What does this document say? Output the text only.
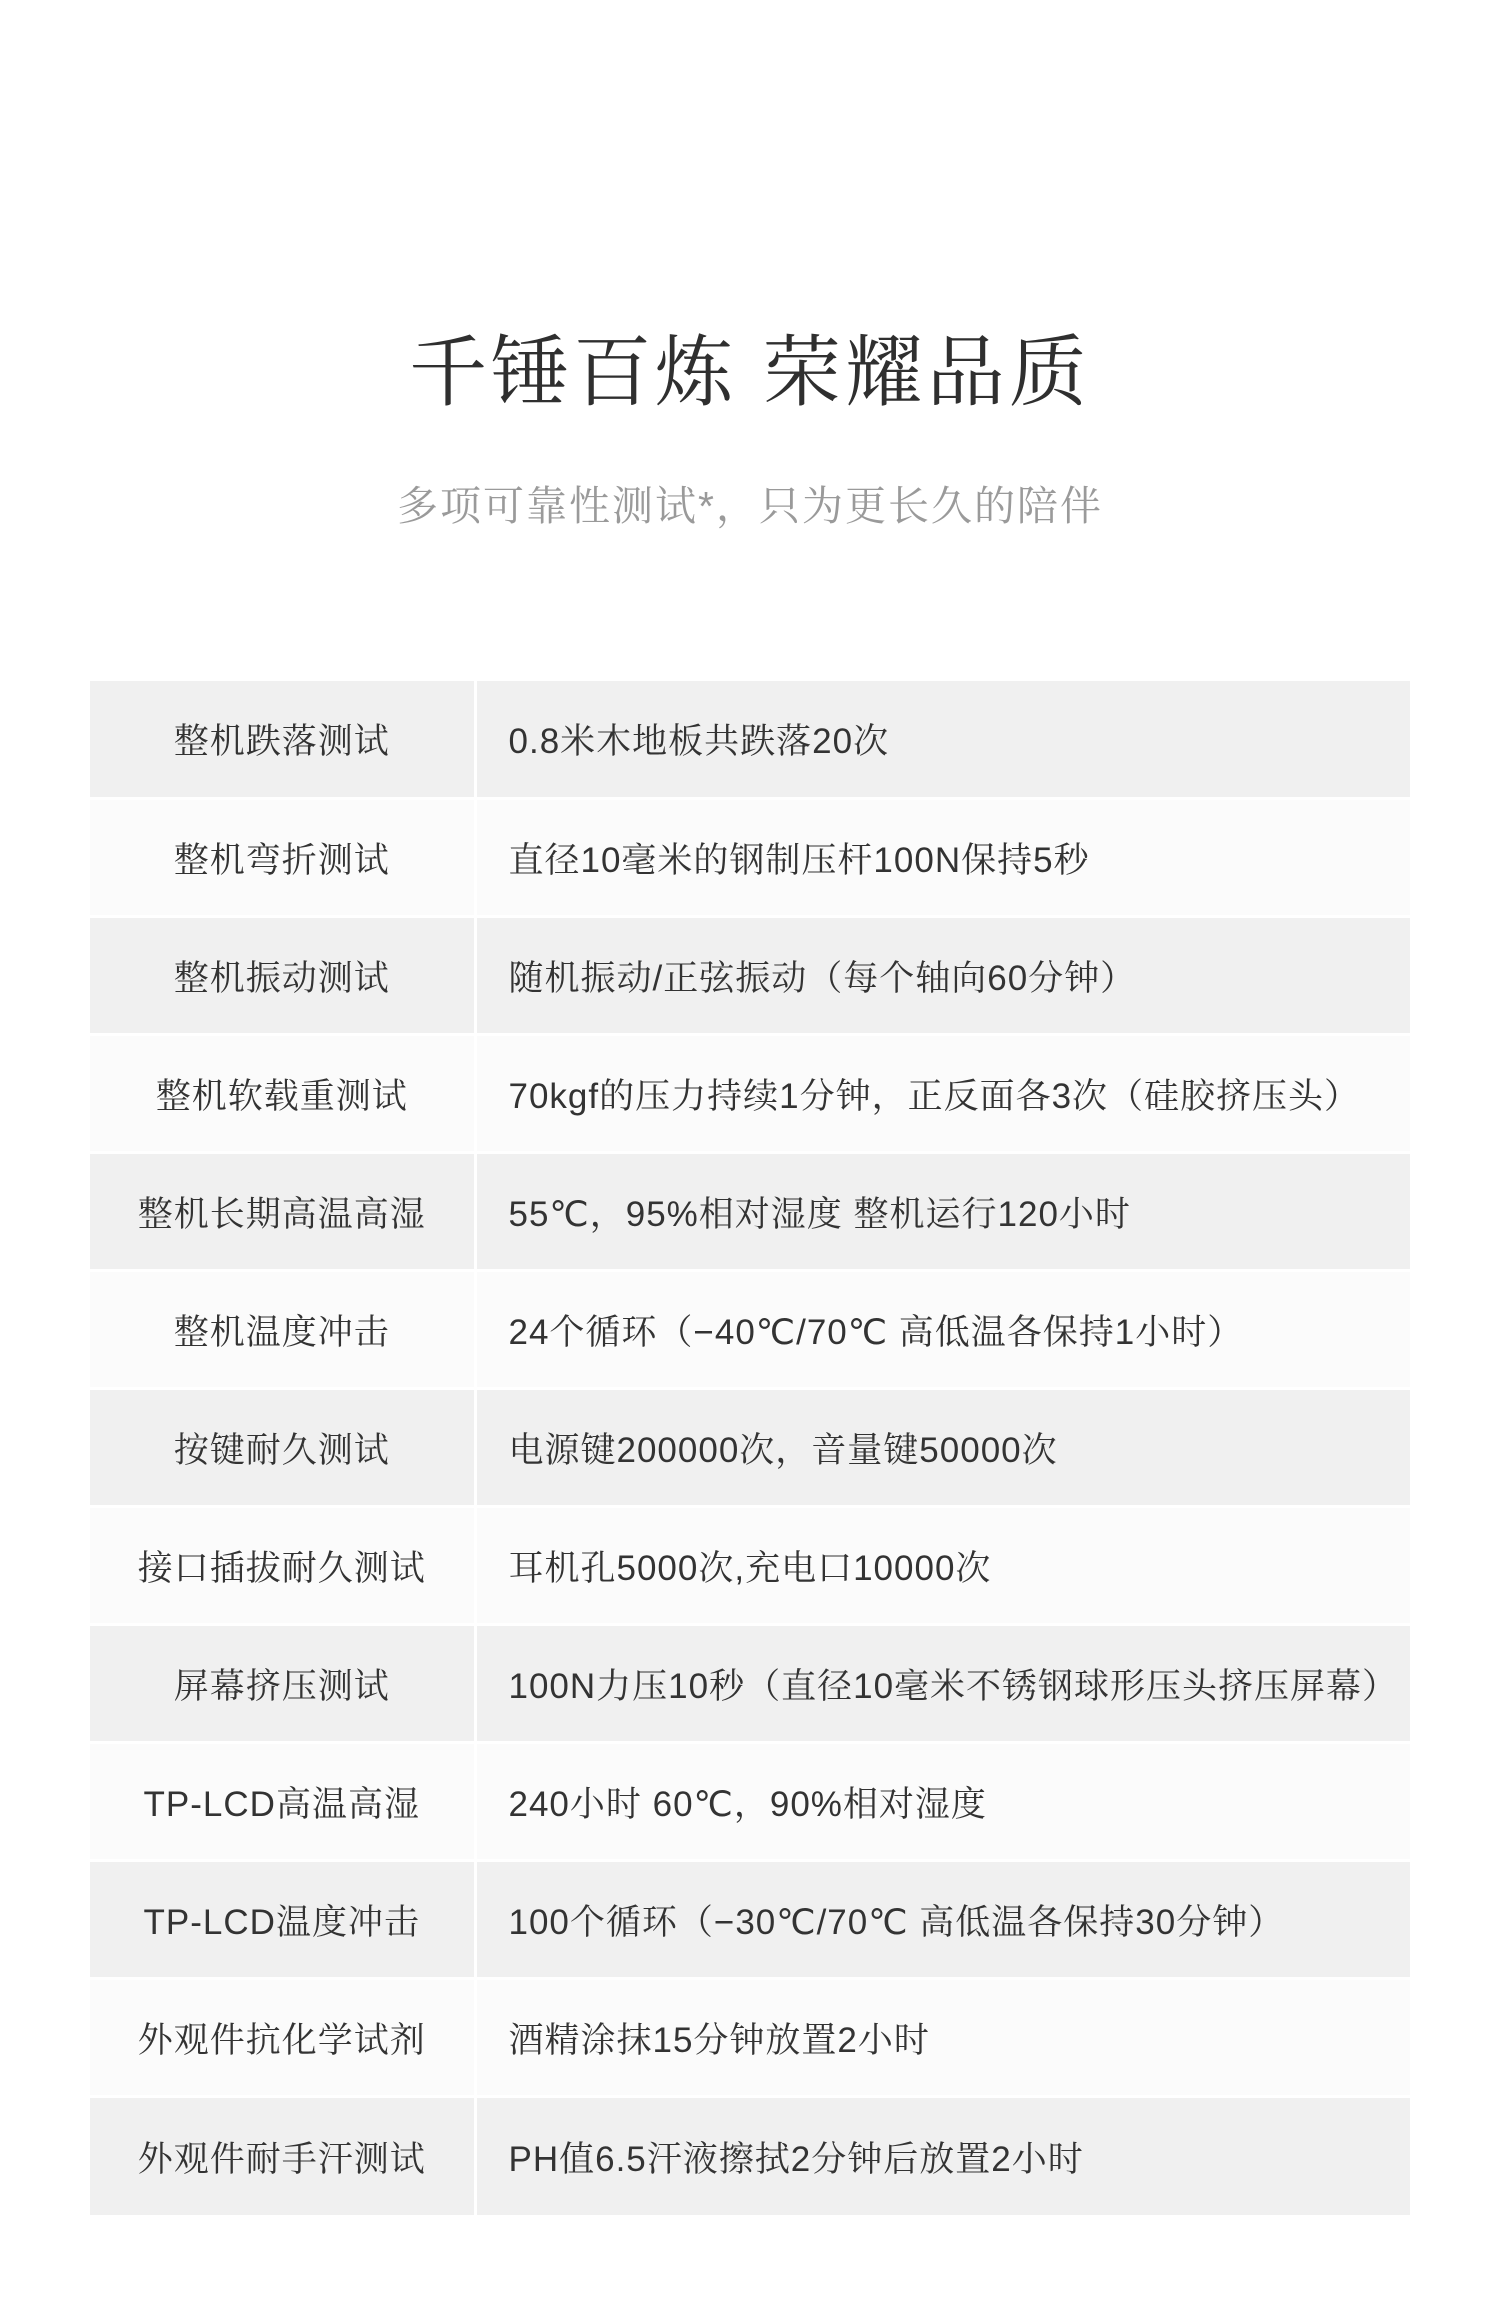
千锤百炼 荣耀品质

多项可靠性测试*，只为更长久的陪伴

整机跌落测试	0.8米木地板共跌落20次
整机弯折测试	直径10毫米的钢制压杆100N保持5秒
整机振动测试	随机振动/正弦振动（每个轴向60分钟）
整机软载重测试	70kgf的压力持续1分钟，正反面各3次（硅胶挤压头）
整机长期高温高湿	55℃，95%相对湿度 整机运行120小时
整机温度冲击	24个循环（−40℃/70℃ 高低温各保持1小时）
按键耐久测试	电源键200000次，音量键50000次
接口插拔耐久测试	耳机孔5000次,充电口10000次
屏幕挤压测试	100N力压10秒（直径10毫米不锈钢球形压头挤压屏幕）
TP-LCD高温高湿	240小时 60℃，90%相对湿度
TP-LCD温度冲击	100个循环（−30℃/70℃ 高低温各保持30分钟）
外观件抗化学试剂	酒精涂抹15分钟放置2小时
外观件耐手汗测试	PH值6.5汗液擦拭2分钟后放置2小时
